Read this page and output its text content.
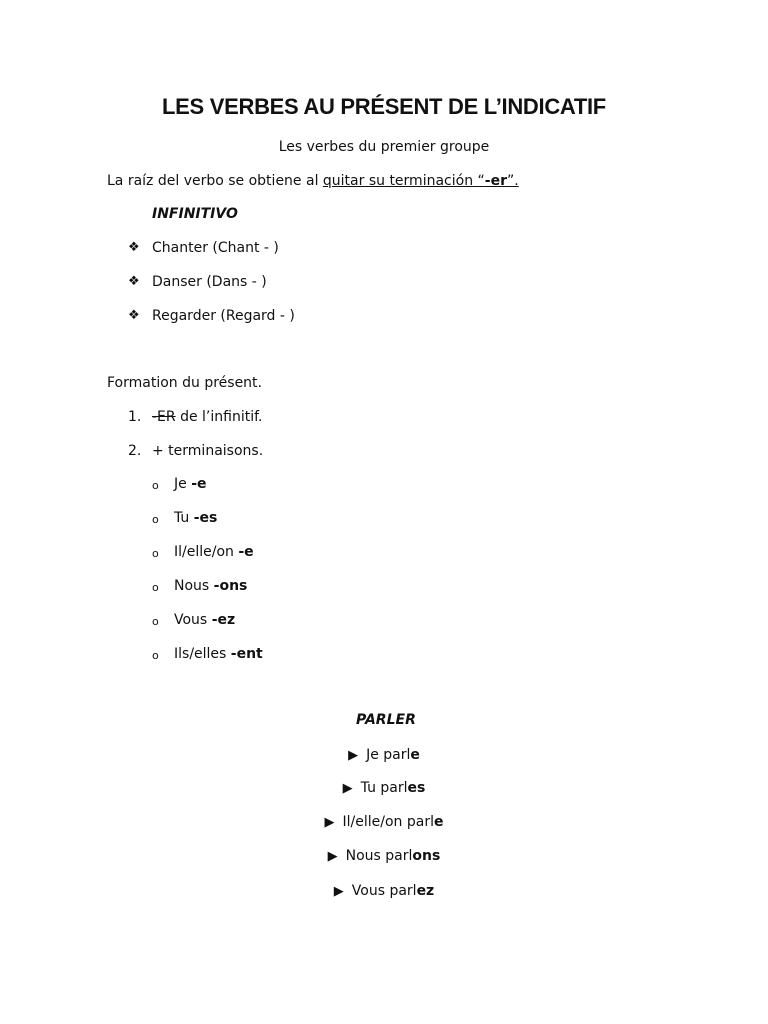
LES VERBES AU PRÉSENT DE L’INDICATIF
Les verbes du premier groupe
La raíz del verbo se obtiene al quitar su terminación “-er”.
INFINITIVO
❖ Chanter (Chant - )
❖ Danser (Dans - )
❖ Regarder (Regard - )
Formation du présent.
1. -ER de l’infinitif.
2. + terminaisons.
o Je -e
o Tu -es
o Il/elle/on -e
o Nous -ons
o Vous -ez
o Ils/elles -ent
PARLER
▶ Je parle
▶ Tu parles
▶ Il/elle/on parle
▶ Nous parlons
▶ Vous parlez
